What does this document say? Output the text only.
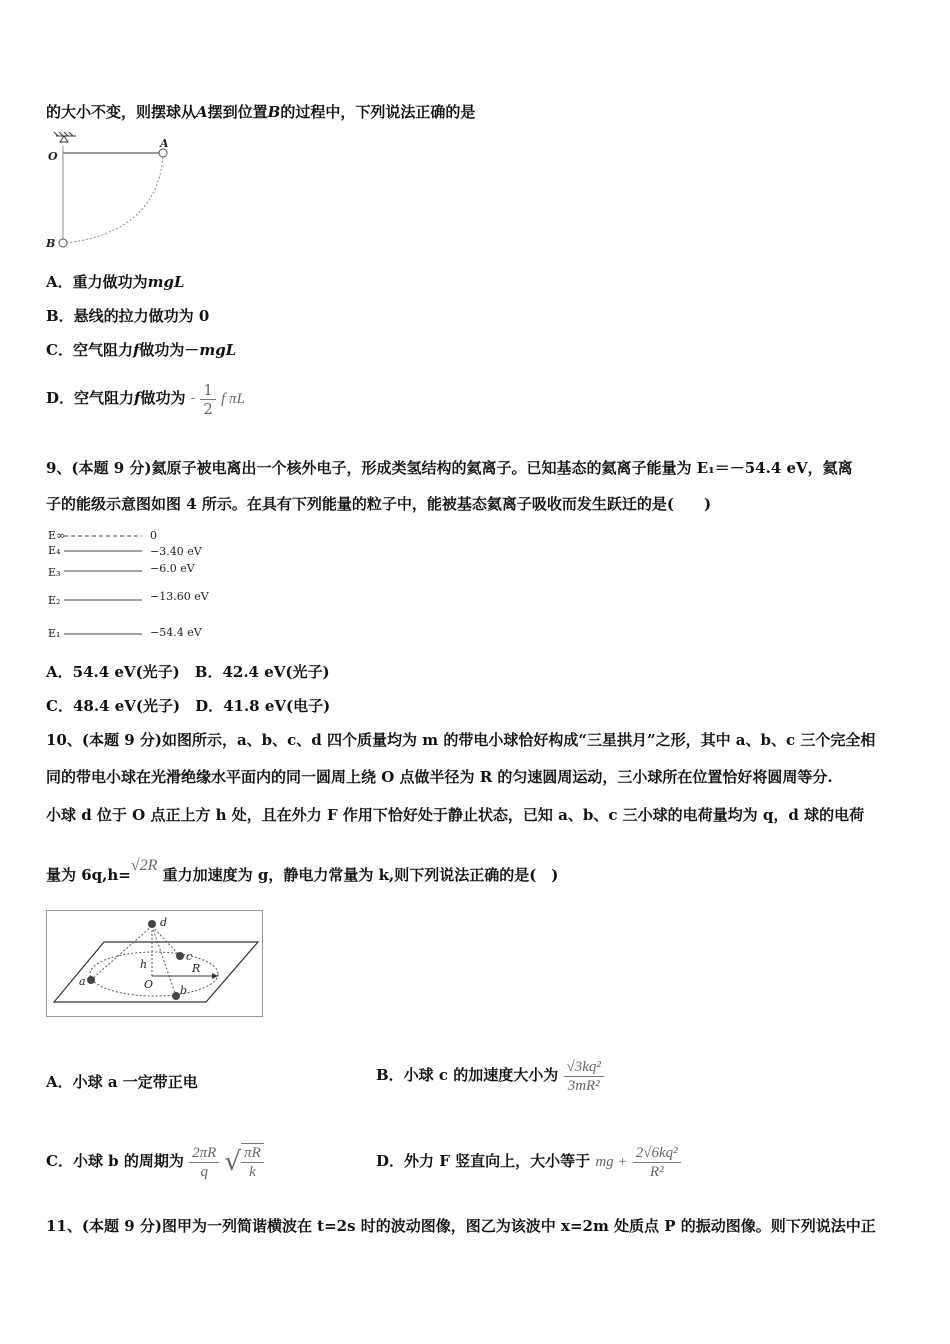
的大小不变，则摆球从A摆到位置B的过程中，下列说法正确的是
O
A
B
A．重力做功为mgL
B．悬线的拉力做功为 0
C．空气阻力f做功为－mgL
D．空气阻力f做功为 - $\frac{1}{2}$ f πL
9、(本题 9 分)氦原子被电离出一个核外电子，形成类氢结构的氦离子。已知基态的氦离子能量为 E₁＝－54.4 eV，氦离
子的能级示意图如图 4 所示。在具有下列能量的粒子中，能被基态氦离子吸收而发生跃迁的是(　　)
E∞
E₄
E₃
E₂
E₁
0
−3.40 eV
−6.0 eV
−13.60 eV
−54.4 eV
A．54.4 eV(光子)　B．42.4 eV(光子)
C．48.4 eV(光子)　D．41.8 eV(电子)
10、(本题 9 分)如图所示，a、b、c、d 四个质量均为 m 的带电小球恰好构成“三星拱月”之形，其中 a、b、c 三个完全相
同的带电小球在光滑绝缘水平面内的同一圆周上绕 O 点做半径为 R 的匀速圆周运动，三小球所在位置恰好将圆周等分.
小球 d 位于 O 点正上方 h 处，且在外力 F 作用下恰好处于静止状态，已知 a、b、c 三小球的电荷量均为 q，d 球的电荷
量为 6q,h=√2R 重力加速度为 g，静电力常量为 k,则下列说法正确的是(　)
d
a
b
c
h
O
R
A．小球 a 一定带正电	B．小球 c 的加速度大小为 $\frac{\text{√3kq²}}{\text{3mR²}}$
C．小球 b 的周期为 $\frac{2\pi R}{q}$ √ $\frac{\pi R}{k}$	D．外力 F 竖直向上，大小等于 mg + $\frac{\text{2√6kq²}}{\text{R²}}$
11、(本题 9 分)图甲为一列简谐横波在 t=2s 时的波动图像，图乙为该波中 x=2m 处质点 P 的振动图像。则下列说法中正
